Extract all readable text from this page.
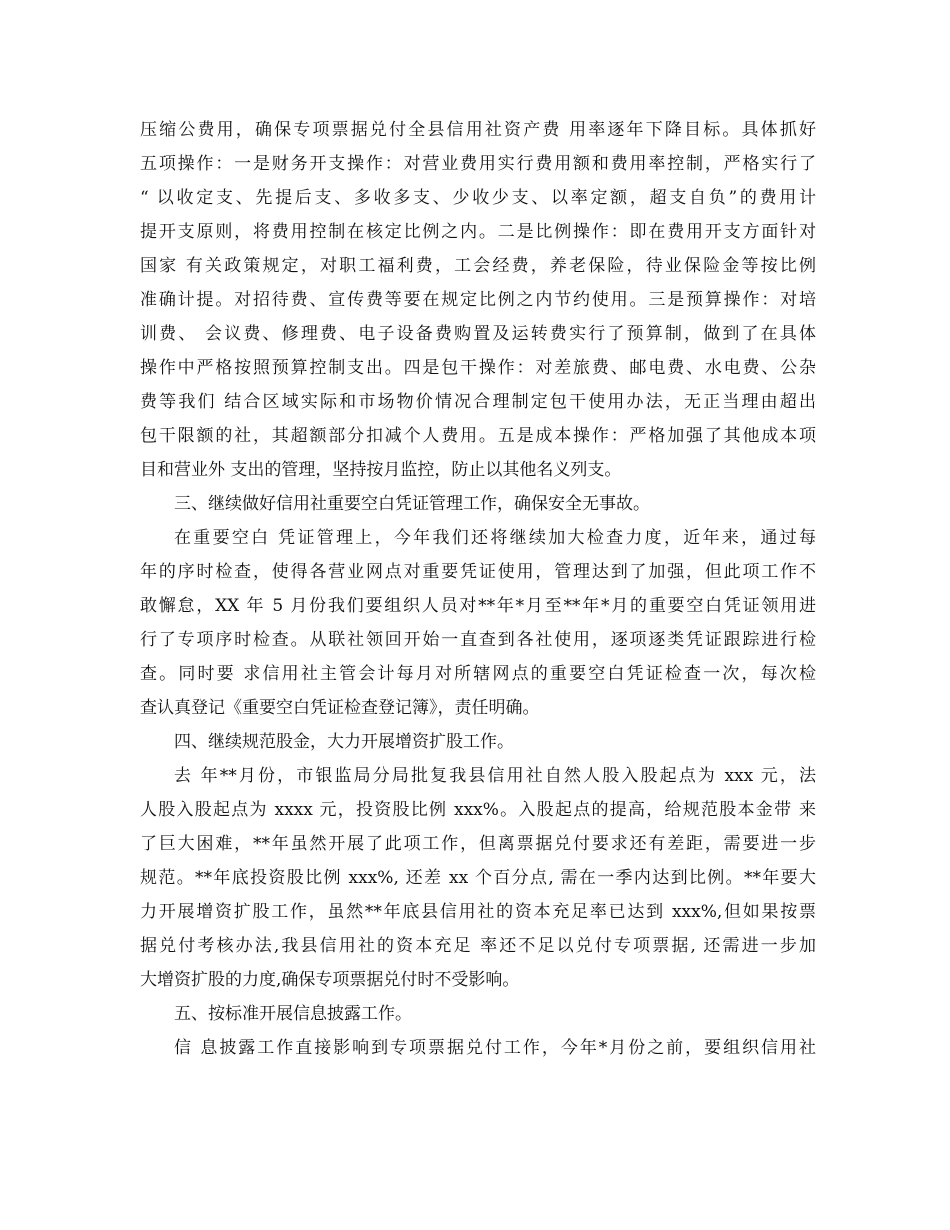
压缩公费用，确保专项票据兑付全县信用社资产费 用率逐年下降目标。具体抓好
五项操作：一是财务开支操作：对营业费用实行费用额和费用率控制，严格实行了
“ 以收定支、先提后支、多收多支、少收少支、以率定额，超支自负”的费用计
提开支原则，将费用控制在核定比例之内。二是比例操作：即在费用开支方面针对
国家 有关政策规定，对职工福利费，工会经费，养老保险，待业保险金等按比例
准确计提。对招待费、宣传费等要在规定比例之内节约使用。三是预算操作：对培
训费、 会议费、修理费、电子设备费购置及运转费实行了预算制，做到了在具体
操作中严格按照预算控制支出。四是包干操作：对差旅费、邮电费、水电费、公杂
费等我们 结合区域实际和市场物价情况合理制定包干使用办法，无正当理由超出
包干限额的社，其超额部分扣减个人费用。五是成本操作：严格加强了其他成本项
目和营业外 支出的管理，坚持按月监控，防止以其他名义列支。
三、继续做好信用社重要空白凭证管理工作，确保安全无事故。
在重要空白 凭证管理上，今年我们还将继续加大检查力度，近年来，通过每
年的序时检查，使得各营业网点对重要凭证使用，管理达到了加强，但此项工作不
敢懈怠，XX 年 5 月份我们要组织人员对**年*月至**年*月的重要空白凭证领用进
行了专项序时检查。从联社领回开始一直查到各社使用，逐项逐类凭证跟踪进行检
查。同时要 求信用社主管会计每月对所辖网点的重要空白凭证检查一次，每次检
查认真登记《重要空白凭证检查登记簿》，责任明确。
四、继续规范股金，大力开展增资扩股工作。
去 年**月份，市银监局分局批复我县信用社自然人股入股起点为 xxx 元，法
人股入股起点为 xxxx 元，投资股比例 xxx%。入股起点的提高，给规范股本金带 来
了巨大困难，**年虽然开展了此项工作，但离票据兑付要求还有差距，需要进一步
规范。**年底投资股比例 xxx%, 还差 xx 个百分点, 需在一季内达到比例。**年要大
力开展增资扩股工作，虽然**年底县信用社的资本充足率已达到 xxx%,但如果按票
据兑付考核办法,我县信用社的资本充足 率还不足以兑付专项票据, 还需进一步加
大增资扩股的力度,确保专项票据兑付时不受影响。
五、按标准开展信息披露工作。
信 息披露工作直接影响到专项票据兑付工作，今年*月份之前，要组织信用社
